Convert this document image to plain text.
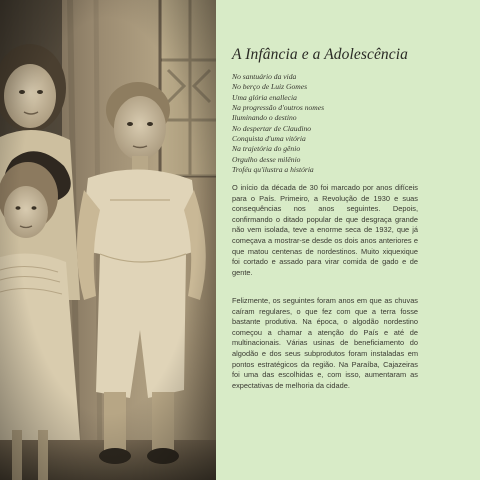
A Infância e a Adolescência
No santuário da vida
No berço de Luiz Gomes
Uma glória enallecia
Na progressão d'outros nomes
Iluminando o destino
No despertar de Claudino
Conquista d'uma vitória
Na trajetória do gênio
Orgulho desse milênio
Troféu qu'ilustra a história

O início da década de 30 foi marcado por anos difíceis para o País. Primeiro, a Revolução de 1930 e suas consequências nos anos seguintes. Depois, confirmando o ditado popular de que desgraça grande não vem isolada, teve a enorme seca de 1932, que já começava a mostrar-se desde os dois anos anteriores e que matou centenas de nordestinos. Muito xiquexique foi cortado e assado para virar comida de gado e de gente.

Felizmente, os seguintes foram anos em que as chuvas caíram regulares, o que fez com que a terra fosse bastante produtiva. Na época, o algodão nordestino começou a chamar a atenção do País e até de multinacionais. Várias usinas de beneficiamento do algodão e dos seus subprodutos foram instaladas em pontos estratégicos da região. Na Paraíba, Cajazeiras foi uma das escolhidas e, com isso, aumentaram as expectativas de melhoria da cidade.
